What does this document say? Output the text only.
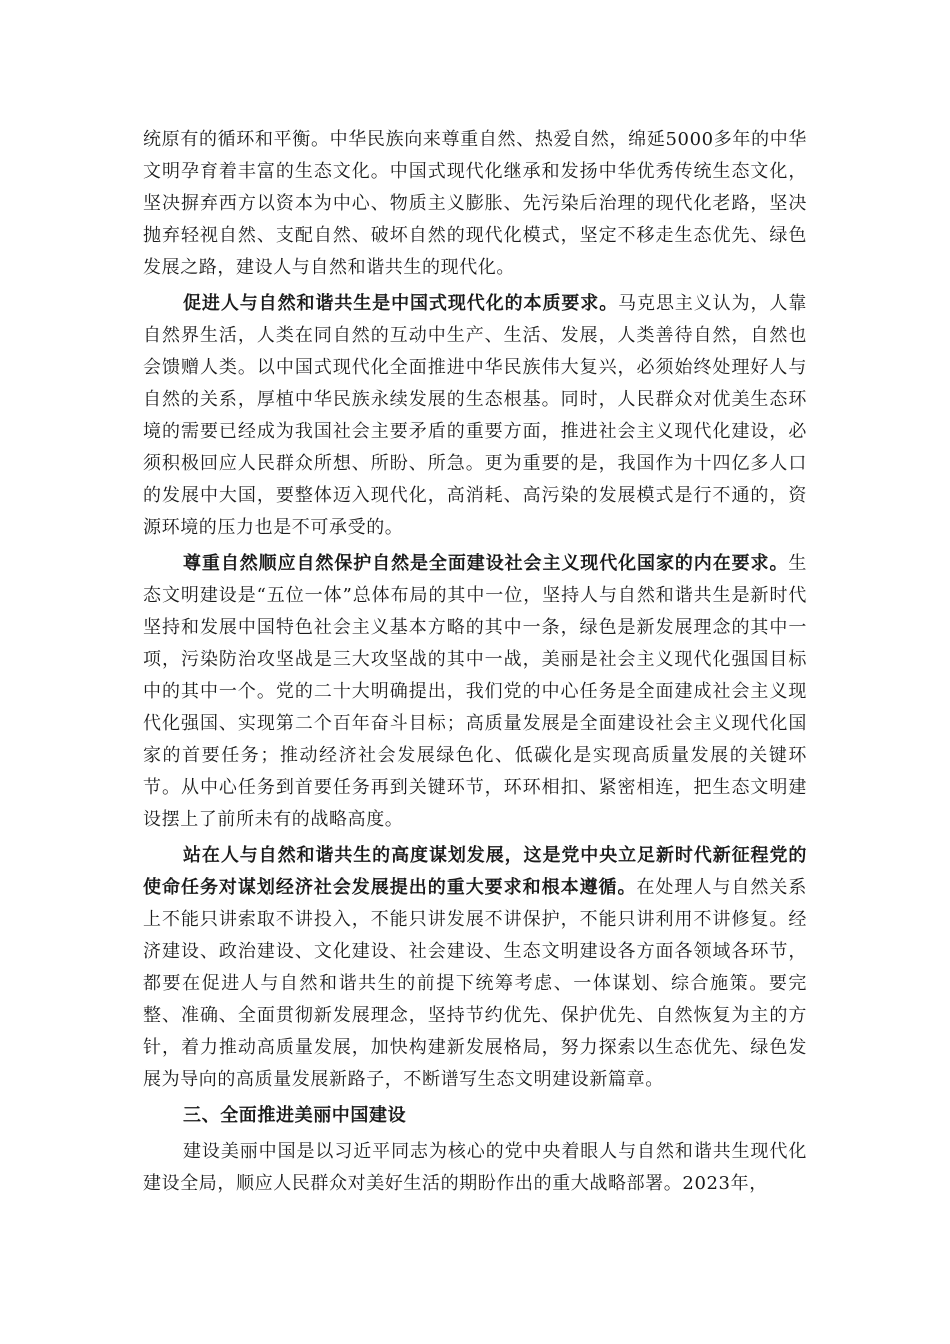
统原有的循环和平衡。中华民族向来尊重自然、热爱自然，绵延5000多年的中华文明孕育着丰富的生态文化。中国式现代化继承和发扬中华优秀传统生态文化，坚决摒弃西方以资本为中心、物质主义膨胀、先污染后治理的现代化老路，坚决抛弃轻视自然、支配自然、破坏自然的现代化模式，坚定不移走生态优先、绿色发展之路，建设人与自然和谐共生的现代化。

促进人与自然和谐共生是中国式现代化的本质要求。马克思主义认为，人靠自然界生活，人类在同自然的互动中生产、生活、发展，人类善待自然，自然也会馈赠人类。以中国式现代化全面推进中华民族伟大复兴，必须始终处理好人与自然的关系，厚植中华民族永续发展的生态根基。同时，人民群众对优美生态环境的需要已经成为我国社会主要矛盾的重要方面，推进社会主义现代化建设，必须积极回应人民群众所想、所盼、所急。更为重要的是，我国作为十四亿多人口的发展中大国，要整体迈入现代化，高消耗、高污染的发展模式是行不通的，资源环境的压力也是不可承受的。

尊重自然顺应自然保护自然是全面建设社会主义现代化国家的内在要求。生态文明建设是“五位一体”总体布局的其中一位，坚持人与自然和谐共生是新时代坚持和发展中国特色社会主义基本方略的其中一条，绿色是新发展理念的其中一项，污染防治攻坚战是三大攻坚战的其中一战，美丽是社会主义现代化强国目标中的其中一个。党的二十大明确提出，我们党的中心任务是全面建成社会主义现代化强国、实现第二个百年奋斗目标；高质量发展是全面建设社会主义现代化国家的首要任务；推动经济社会发展绿色化、低碳化是实现高质量发展的关键环节。从中心任务到首要任务再到关键环节，环环相扣、紧密相连，把生态文明建设摆上了前所未有的战略高度。

站在人与自然和谐共生的高度谋划发展，这是党中央立足新时代新征程党的使命任务对谋划经济社会发展提出的重大要求和根本遵循。在处理人与自然关系上不能只讲索取不讲投入，不能只讲发展不讲保护，不能只讲利用不讲修复。经济建设、政治建设、文化建设、社会建设、生态文明建设各方面各领域各环节，都要在促进人与自然和谐共生的前提下统筹考虑、一体谋划、综合施策。要完整、准确、全面贯彻新发展理念，坚持节约优先、保护优先、自然恢复为主的方针，着力推动高质量发展，加快构建新发展格局，努力探索以生态优先、绿色发展为导向的高质量发展新路子，不断谱写生态文明建设新篇章。

三、全面推进美丽中国建设

建设美丽中国是以习近平同志为核心的党中央着眼人与自然和谐共生现代化建设全局，顺应人民群众对美好生活的期盼作出的重大战略部署。2023年，
